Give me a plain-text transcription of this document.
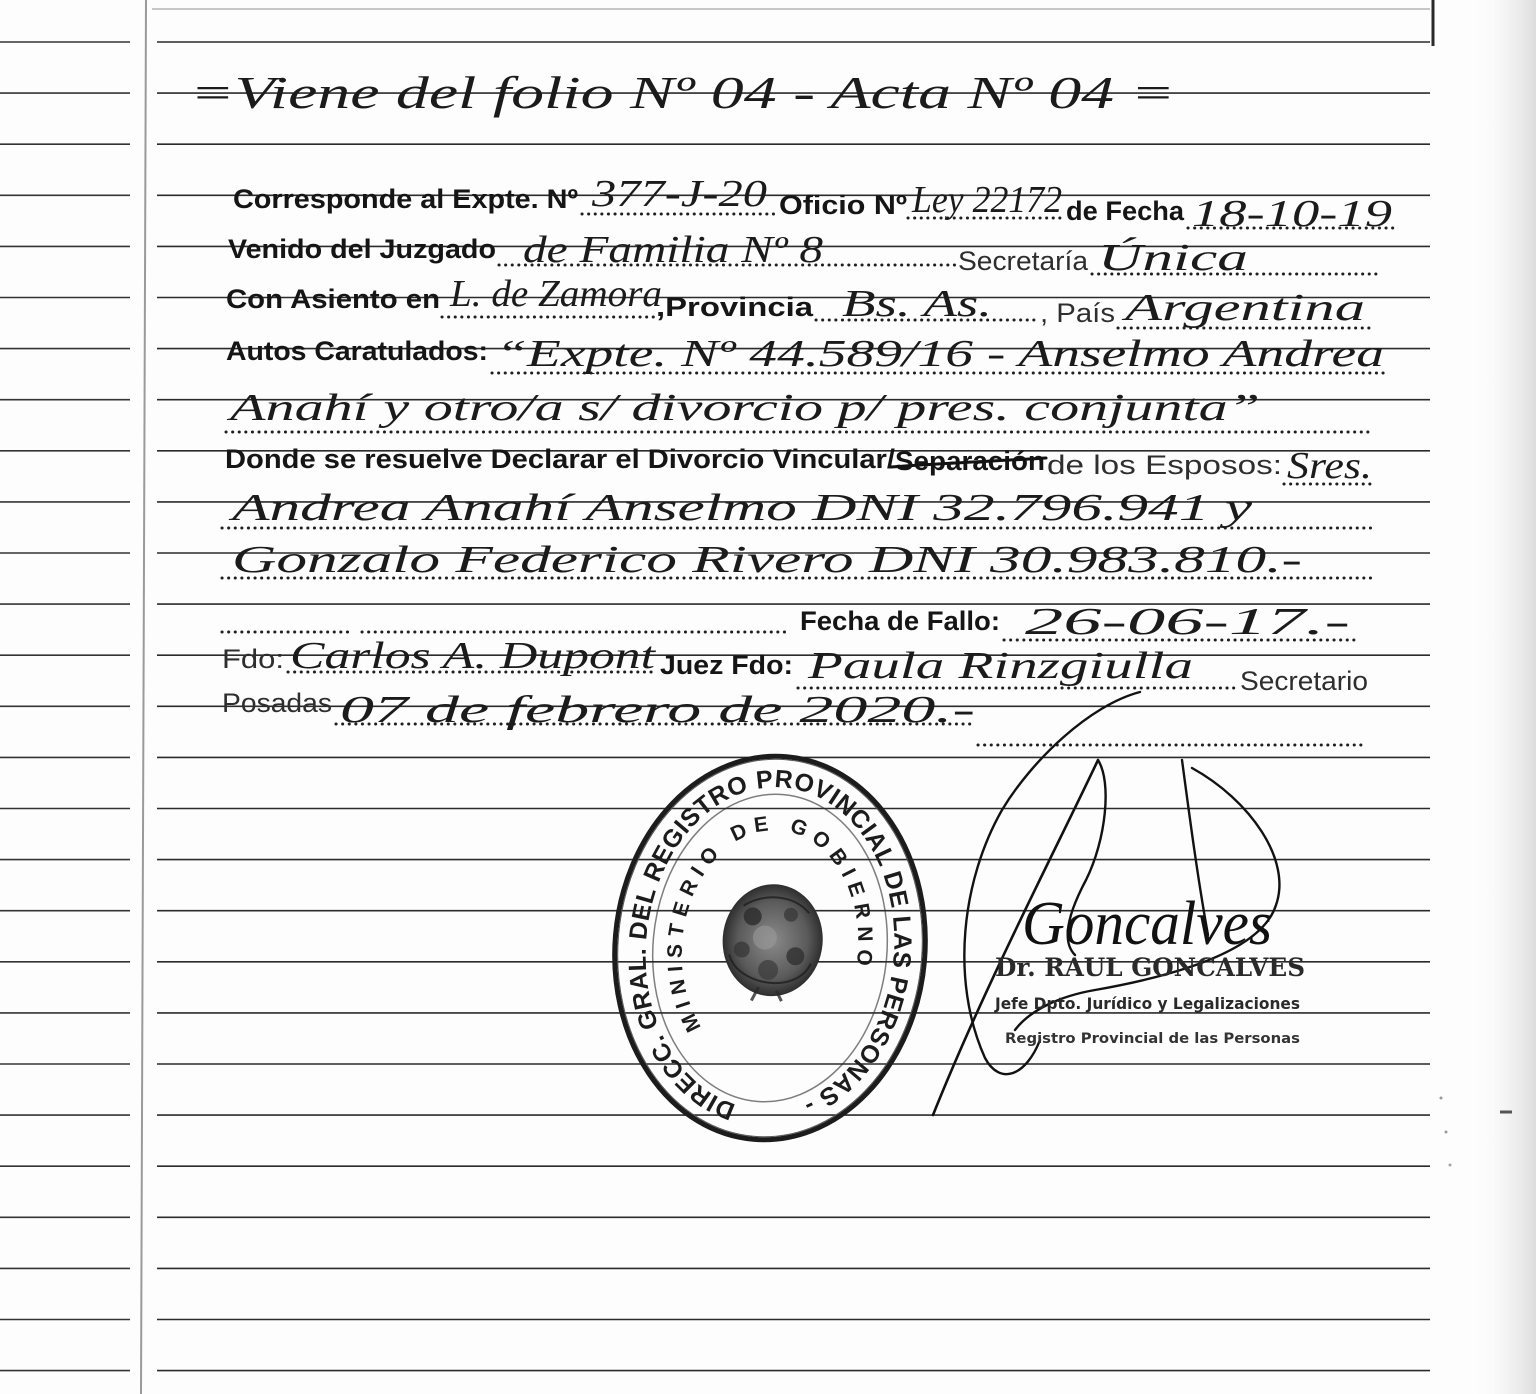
=Viene del folio Nº 04 - Acta Nº 04 =
Corresponde al Expte. Nº 377-J-20 Oficio Nº Ley 22172 de Fecha 18-10-19
Venido del Juzgado de Familia Nº 8	Secretaría Única
Con Asiento en L. de Zamora
,Provincia Bs. As. , País Argentina
Autos Caratulados: “Expte. Nº 44.589/16 - Anselmo Andrea
Anahí y otro/a s/ divorcio p/ pres. conjunta”
Donde se resuelve Declarar el Divorcio Vincular/ Separación de los Esposos: Sres.
Andrea Anahí Anselmo DNI 32.796.941 y
Gonzalo Federico Rivero DNI 30.983.810.-
Fecha de Fallo: 26-06-17.-
Fdo: Carlos A. Dupont Juez Fdo: Paula Rinzgiulla Secretario
Posadas 07 de febrero de 2020.-
DIRECC. GRAL. DEL REGISTRO PROVINCIAL DE LAS PERSONAS -
MINISTERIO DE GOBIERNO
Goncalves
Dr. RAUL GONCALVES
Jefe Dpto. Jurídico y Legalizaciones
Registro Provincial de las Personas
